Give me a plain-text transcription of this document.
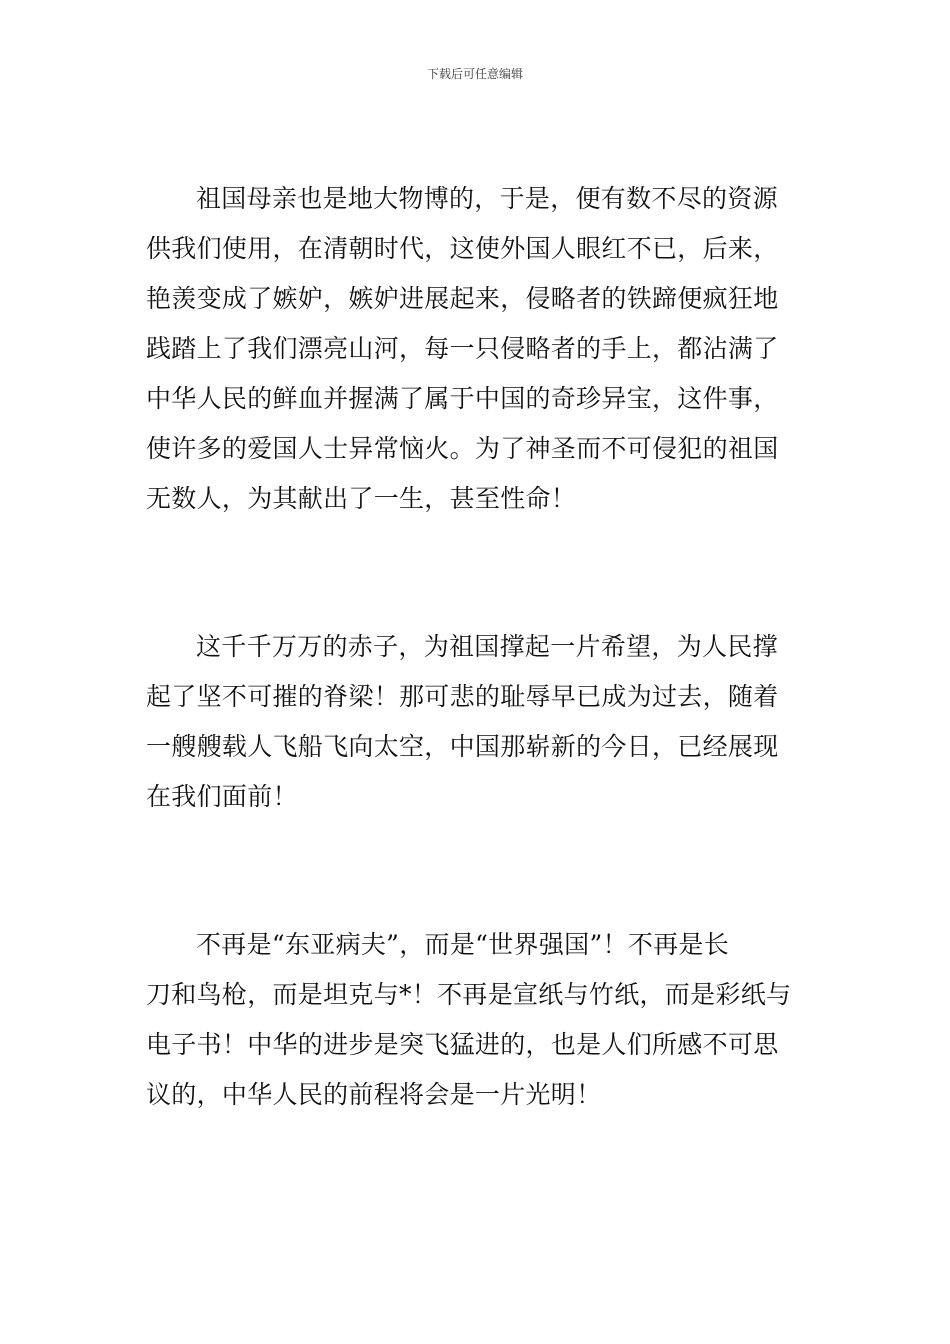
下载后可任意编辑

祖国母亲也是地大物博的，于是，便有数不尽的资源
供我们使用，在清朝时代，这使外国人眼红不已，后来，
艳羡变成了嫉妒，嫉妒进展起来，侵略者的铁蹄便疯狂地
践踏上了我们漂亮山河，每一只侵略者的手上，都沾满了
中华人民的鲜血并握满了属于中国的奇珍异宝，这件事，
使许多的爱国人士异常恼火。为了神圣而不可侵犯的祖国
无数人，为其献出了一生，甚至性命！

这千千万万的赤子，为祖国撑起一片希望，为人民撑
起了坚不可摧的脊梁！那可悲的耻辱早已成为过去，随着
一艘艘载人飞船飞向太空，中国那崭新的今日，已经展现
在我们面前！

不再是“东亚病夫”，而是“世界强国”！不再是长
刀和鸟枪，而是坦克与*！不再是宣纸与竹纸，而是彩纸与
电子书！中华的进步是突飞猛进的，也是人们所感不可思
议的，中华人民的前程将会是一片光明！
